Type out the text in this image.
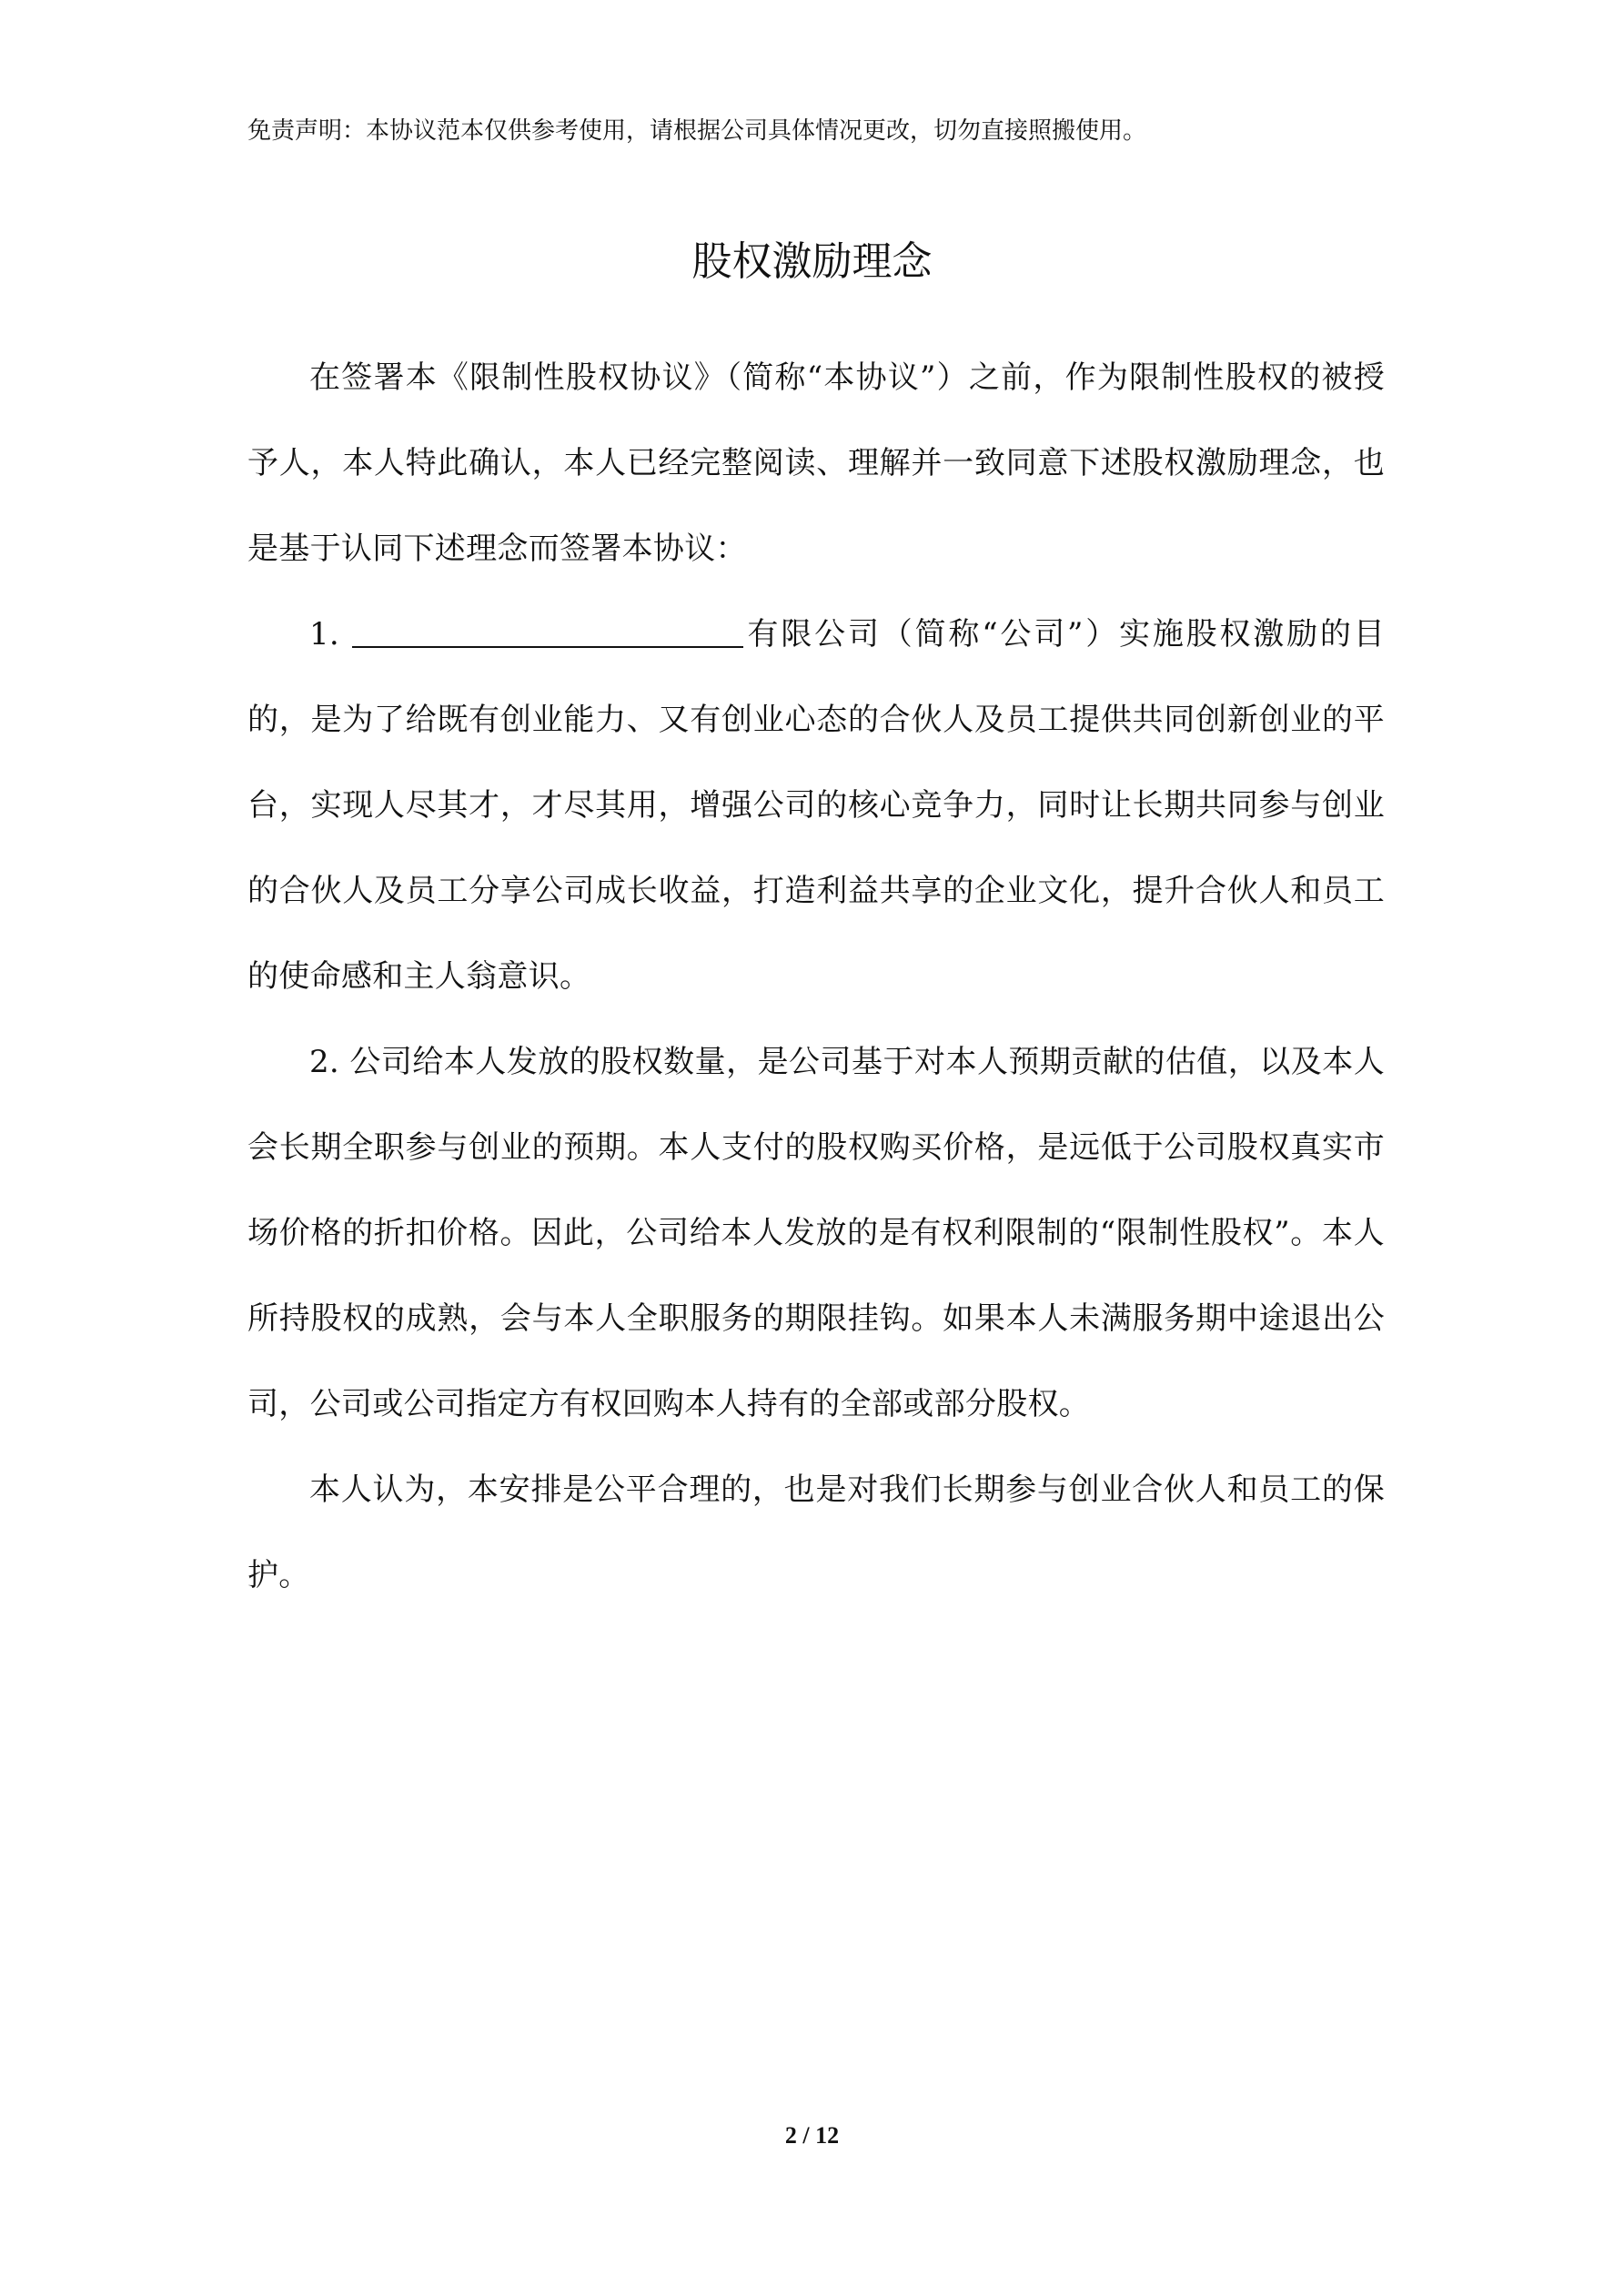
免责声明：本协议范本仅供参考使用，请根据公司具体情况更改，切勿直接照搬使用。
股权激励理念

在签署本《限制性股权协议》（简称“本协议”）之前，作为限制性股权的被授予人，本人特此确认，本人已经完整阅读、理解并一致同意下述股权激励理念，也是基于认同下述理念而签署本协议：

1.	有限公司（简称“公司”）实施股权激励的目的，是为了给既有创业能力、又有创业心态的合伙人及员工提供共同创新创业的平台，实现人尽其才，才尽其用，增强公司的核心竞争力，同时让长期共同参与创业的合伙人及员工分享公司成长收益，打造利益共享的企业文化，提升合伙人和员工的使命感和主人翁意识。

2. 公司给本人发放的股权数量，是公司基于对本人预期贡献的估值，以及本人会长期全职参与创业的预期。本人支付的股权购买价格，是远低于公司股权真实市场价格的折扣价格。因此，公司给本人发放的是有权利限制的“限制性股权”。本人所持股权的成熟，会与本人全职服务的期限挂钩。如果本人未满服务期中途退出公司，公司或公司指定方有权回购本人持有的全部或部分股权。

本人认为，本安排是公平合理的，也是对我们长期参与创业合伙人和员工的保护。

2 / 12
